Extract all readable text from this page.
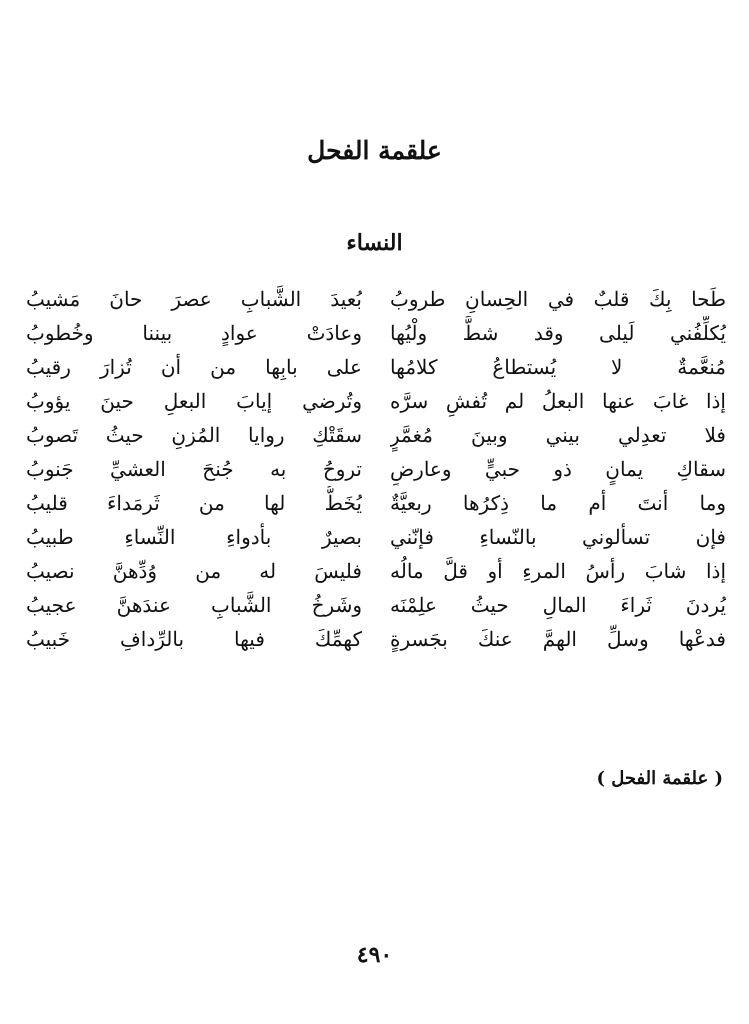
علقمة الفحل
النساء
طَحا بِكَ قلبٌ في الحِسانِ طروبُ
بُعيدَ الشَّبابِ عصرَ حانَ مَشيبُ
يُكلِّفُني لَيلى وقد شطَّ ولْيُها
وعادَتْ عوادٍ بيننا وخُطوبُ
مُنعَّمةٌ لا يُستطاعُ كلامُها
على بابِها من أن تُزارَ رقيبُ
إذا غابَ عنها البعلُ لم تُفشِ سرَّه
وتُرضي إيابَ البعلِ حينَ يؤوبُ
فلا تعدِلي بيني وبينَ مُغمَّرٍ
سقَتْكِ روايا المُزنِ حيثُ تَصوبُ
سقاكِ يمانٍ ذو حبيٍّ وعارضٍ
تروحُ به جُنحَ العشيِّ جَنوبُ
وما أنتَ أم ما ذِكرُها ربعيَّةٌ
يُخَطُّ لها من ثَرمَداءَ قليبُ
فإن تسألوني بالنّساءِ فإنّني
بصيرٌ بأدواءِ النِّساءِ طبيبُ
إذا شابَ رأسُ المرءِ أو قلَّ مالُه
فليسَ له من وُدِّهنَّ نصيبُ
يُردنَ ثَراءَ المالِ حيثُ علِمْنَه
وشَرخُ الشَّبابِ عندَهنَّ عجيبُ
فدعْها وسلِّ الهمَّ عنكَ بجَسرةٍ
كهمِّكَ فيها بالرِّدافِ خَبيبُ
( علقمة الفحل )
٤٩٠
